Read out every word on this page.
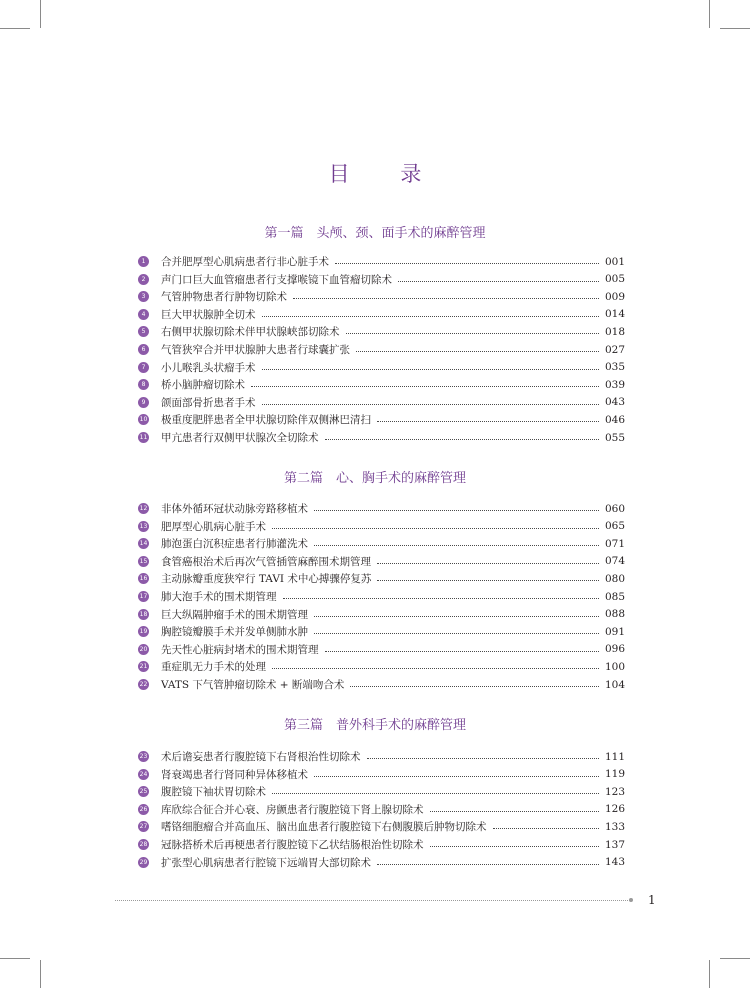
目 录
第一篇　头颅、颈、面手术的麻醉管理
1	合并肥厚型心肌病患者行非心脏手术	001
2	声门口巨大血管瘤患者行支撑喉镜下血管瘤切除术	005
3	气管肿物患者行肿物切除术	009
4	巨大甲状腺肿全切术	014
5	右侧甲状腺切除术伴甲状腺峡部切除术	018
6	气管狭窄合并甲状腺肿大患者行球囊扩张	027
7	小儿喉乳头状瘤手术	035
8	桥小脑肿瘤切除术	039
9	颌面部骨折患者手术	043
10 极重度肥胖患者全甲状腺切除伴双侧淋巴清扫	046
11 甲亢患者行双侧甲状腺次全切除术	055
第二篇　心、胸手术的麻醉管理
12 非体外循环冠状动脉旁路移植术	060
13 肥厚型心肌病心脏手术	065
14 肺泡蛋白沉积症患者行肺灌洗术	071
15 食管癌根治术后再次气管插管麻醉围术期管理	074
16 主动脉瓣重度狭窄行 TAVI 术中心搏骤停复苏	080
17 肺大泡手术的围术期管理	085
18 巨大纵隔肿瘤手术的围术期管理	088
19 胸腔镜瓣膜手术并发单侧肺水肿	091
20 先天性心脏病封堵术的围术期管理	096
21 重症肌无力手术的处理	100
22 VATS 下气管肿瘤切除术 + 断端吻合术	104
第三篇　普外科手术的麻醉管理
23 术后谵妄患者行腹腔镜下右肾根治性切除术	111
24 肾衰竭患者行肾同种异体移植术	119
25 腹腔镜下袖状胃切除术	123
26 库欣综合征合并心衰、房颤患者行腹腔镜下肾上腺切除术	126
27 嗜铬细胞瘤合并高血压、脑出血患者行腹腔镜下右侧腹膜后肿物切除术	133
28 冠脉搭桥术后再梗患者行腹腔镜下乙状结肠根治性切除术	137
29 扩张型心肌病患者行腔镜下远端胃大部切除术	143
1
